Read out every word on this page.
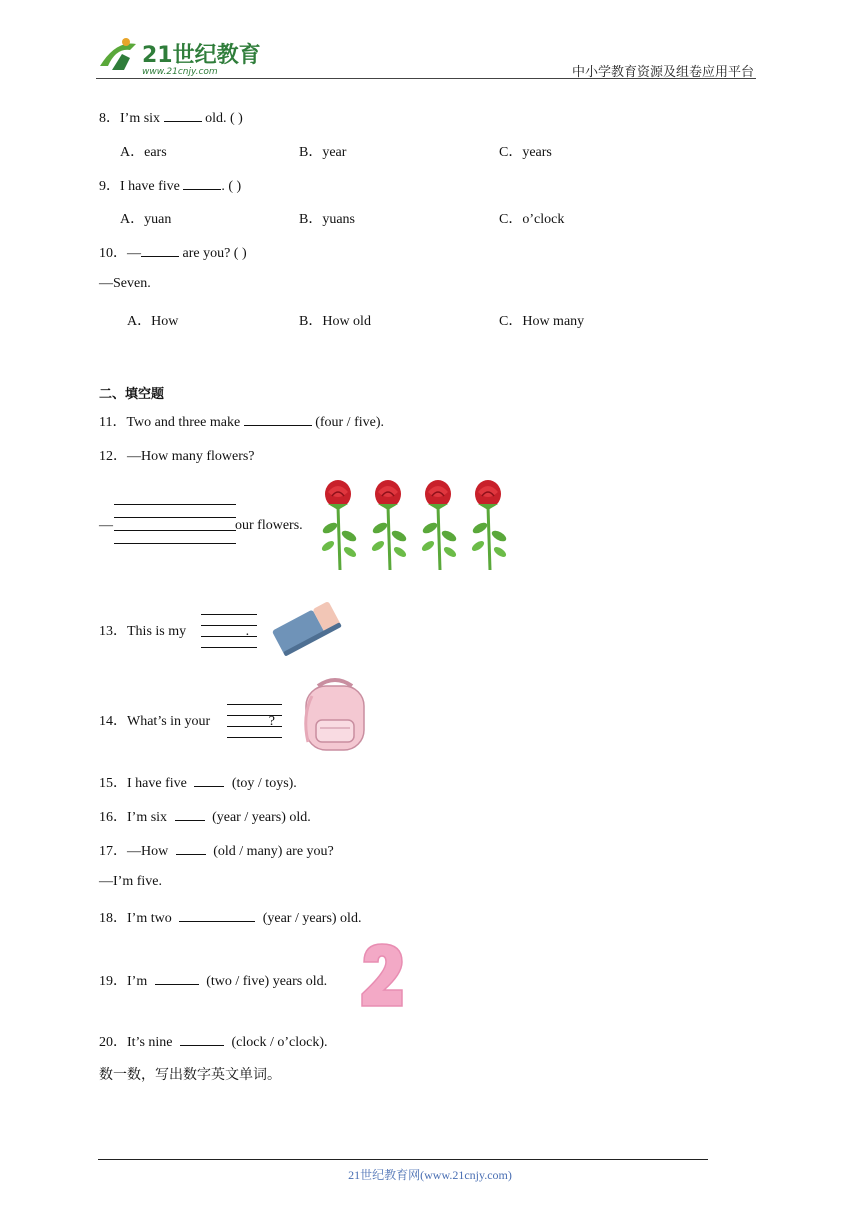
21世纪教育
www.21cnjy.com	中小学教育资源及组卷应用平台
8．I’m six	old. ( )
A．ears	B．year	C．years
9．I have five	. ( )
A．yuan	B．yuans	C．o’clock
10．—	are you? ( )
—Seven.
A．How	B．How old	C．How many
二、填空题
11．Two and three make	(four / five).
12．—How many flowers?
—	our flowers.
13．This is my	.
14．What’s in your	?
15．I have five	(toy / toys).
16．I’m six	(year / years) old.
17．—How	(old / many) are you?
—I’m five.
18．I’m two	(year / years) old.
19．I’m	(two / five) years old.
20．It’s nine	(clock / o’clock).
数一数，写出数字英文单词。
21世纪教育网(www.21cnjy.com)
